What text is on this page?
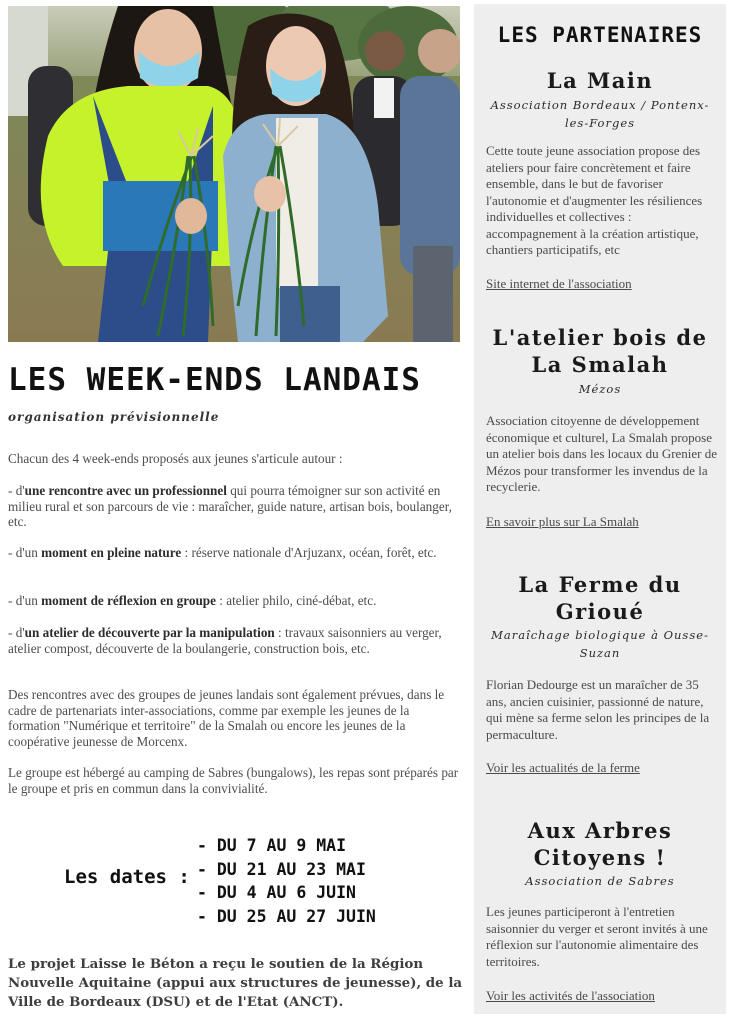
LES WEEK-ENDS LANDAIS
organisation prévisionnelle

Chacun des 4 week-ends proposés aux jeunes s'articule autour :

- d'une rencontre avec un professionnel qui pourra témoigner sur son activité en milieu rural et son parcours de vie : maraîcher, guide nature, artisan bois, boulanger, etc.

- d'un moment en pleine nature : réserve nationale d'Arjuzanx, océan, forêt, etc.

- d'un moment de réflexion en groupe : atelier philo, ciné-débat, etc.

- d'un atelier de découverte par la manipulation : travaux saisonniers au verger, atelier compost, découverte de la boulangerie, construction bois, etc.

Des rencontres avec des groupes de jeunes landais sont également prévues, dans le cadre de partenariats inter-associations, comme par exemple les jeunes de la formation "Numérique et territoire" de la Smalah ou encore les jeunes de la coopérative jeunesse de Morcenx.

Le groupe est hébergé au camping de Sabres (bungalows), les repas sont préparés par le groupe et pris en commun dans la convivialité.

Les dates :
- DU 7 AU 9 MAI
- DU 21 AU 23 MAI
- DU 4 AU 6 JUIN
- DU 25 AU 27 JUIN

Le projet Laisse le Béton a reçu le soutien de la Région Nouvelle Aquitaine (appui aux structures de jeunesse), de la Ville de Bordeaux (DSU) et de l'Etat (ANCT).

LES PARTENAIRES
La Main
Association Bordeaux / Pontenx-les-Forges

Cette toute jeune association propose des ateliers pour faire concrètement et faire ensemble, dans le but de favoriser l'autonomie et d'augmenter les résiliences individuelles et collectives : accompagnement à la création artistique, chantiers participatifs, etc

Site internet de l'association
L'atelier bois de La Smalah
Mézos

Association citoyenne de développement économique et culturel, La Smalah propose un atelier bois dans les locaux du Grenier de Mézos pour transformer les invendus de la recyclerie.

En savoir plus sur La Smalah
La Ferme du Grioué
Maraîchage biologique à Ousse-Suzan

Florian Dedourge est un maraîcher de 35 ans, ancien cuisinier, passionné de nature, qui mène sa ferme selon les principes de la permaculture.

Voir les actualités de la ferme
Aux Arbres Citoyens !
Association de Sabres

Les jeunes participeront à l'entretien saisonnier du verger et seront invités à une réflexion sur l'autonomie alimentaire des territoires.

Voir les activités de l'association
